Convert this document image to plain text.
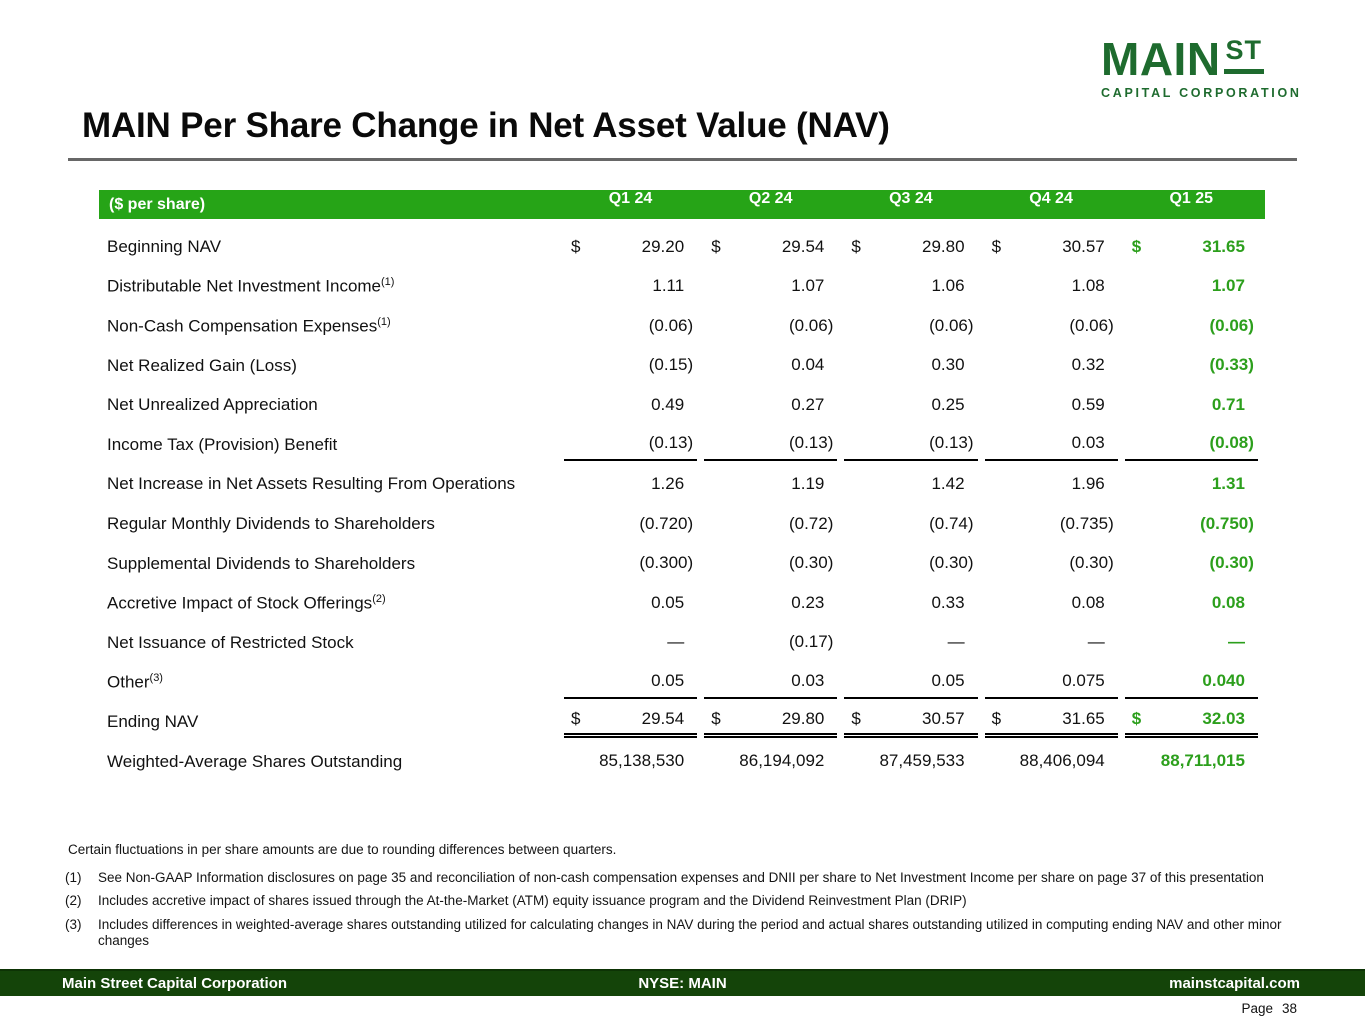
MAIN ST
CAPITAL CORPORATION
MAIN Per Share Change in Net Asset Value (NAV)
($ per share)	Q1 24	Q2 24	Q3 24	Q4 24	Q1 25
Beginning NAV	$	29.20	$	29.54	$	29.80	$	30.57	$	31.65
Distributable Net Investment Income$^{(1)}$	1.11	1.07	1.06	1.08	1.07
Non-Cash Compensation Expenses$^{(1)}$	(0.06)	(0.06)	(0.06)	(0.06)	(0.06)
Net Realized Gain (Loss)	(0.15)	0.04	0.30	0.32	(0.33)
Net Unrealized Appreciation	0.49	0.27	0.25	0.59	0.71
Income Tax (Provision) Benefit	(0.13)	(0.13)	(0.13)	0.03	(0.08)
Net Increase in Net Assets Resulting From Operations	1.26	1.19	1.42	1.96	1.31
Regular Monthly Dividends to Shareholders	(0.720)	(0.72)	(0.74)	(0.735)	(0.750)
Supplemental Dividends to Shareholders	(0.300)	(0.30)	(0.30)	(0.30)	(0.30)
Accretive Impact of Stock Offerings$^{(2)}$	0.05	0.23	0.33	0.08	0.08
Net Issuance of Restricted Stock	—	(0.17)	—	—	—
Other$^{(3)}$	0.05	0.03	0.05	0.075	0.040
Ending NAV	$	29.54	$	29.80	$	30.57	$	31.65	$	32.03
Weighted-Average Shares Outstanding	85,138,530	86,194,092	87,459,533	88,406,094	88,711,015
Certain fluctuations in per share amounts are due to rounding differences between quarters.
(1)	See Non-GAAP Information disclosures on page 35 and reconciliation of non-cash compensation expenses and DNII per share to Net Investment Income per share on page 37 of this presentation
(2)	Includes accretive impact of shares issued through the At-the-Market (ATM) equity issuance program and the Dividend Reinvestment Plan (DRIP)
(3)	Includes differences in weighted-average shares outstanding utilized for calculating changes in NAV during the period and actual shares outstanding utilized in computing ending NAV and other minor changes
NYSE: MAIN
Main Street Capital Corporation	mainstcapital.com
Page 38
